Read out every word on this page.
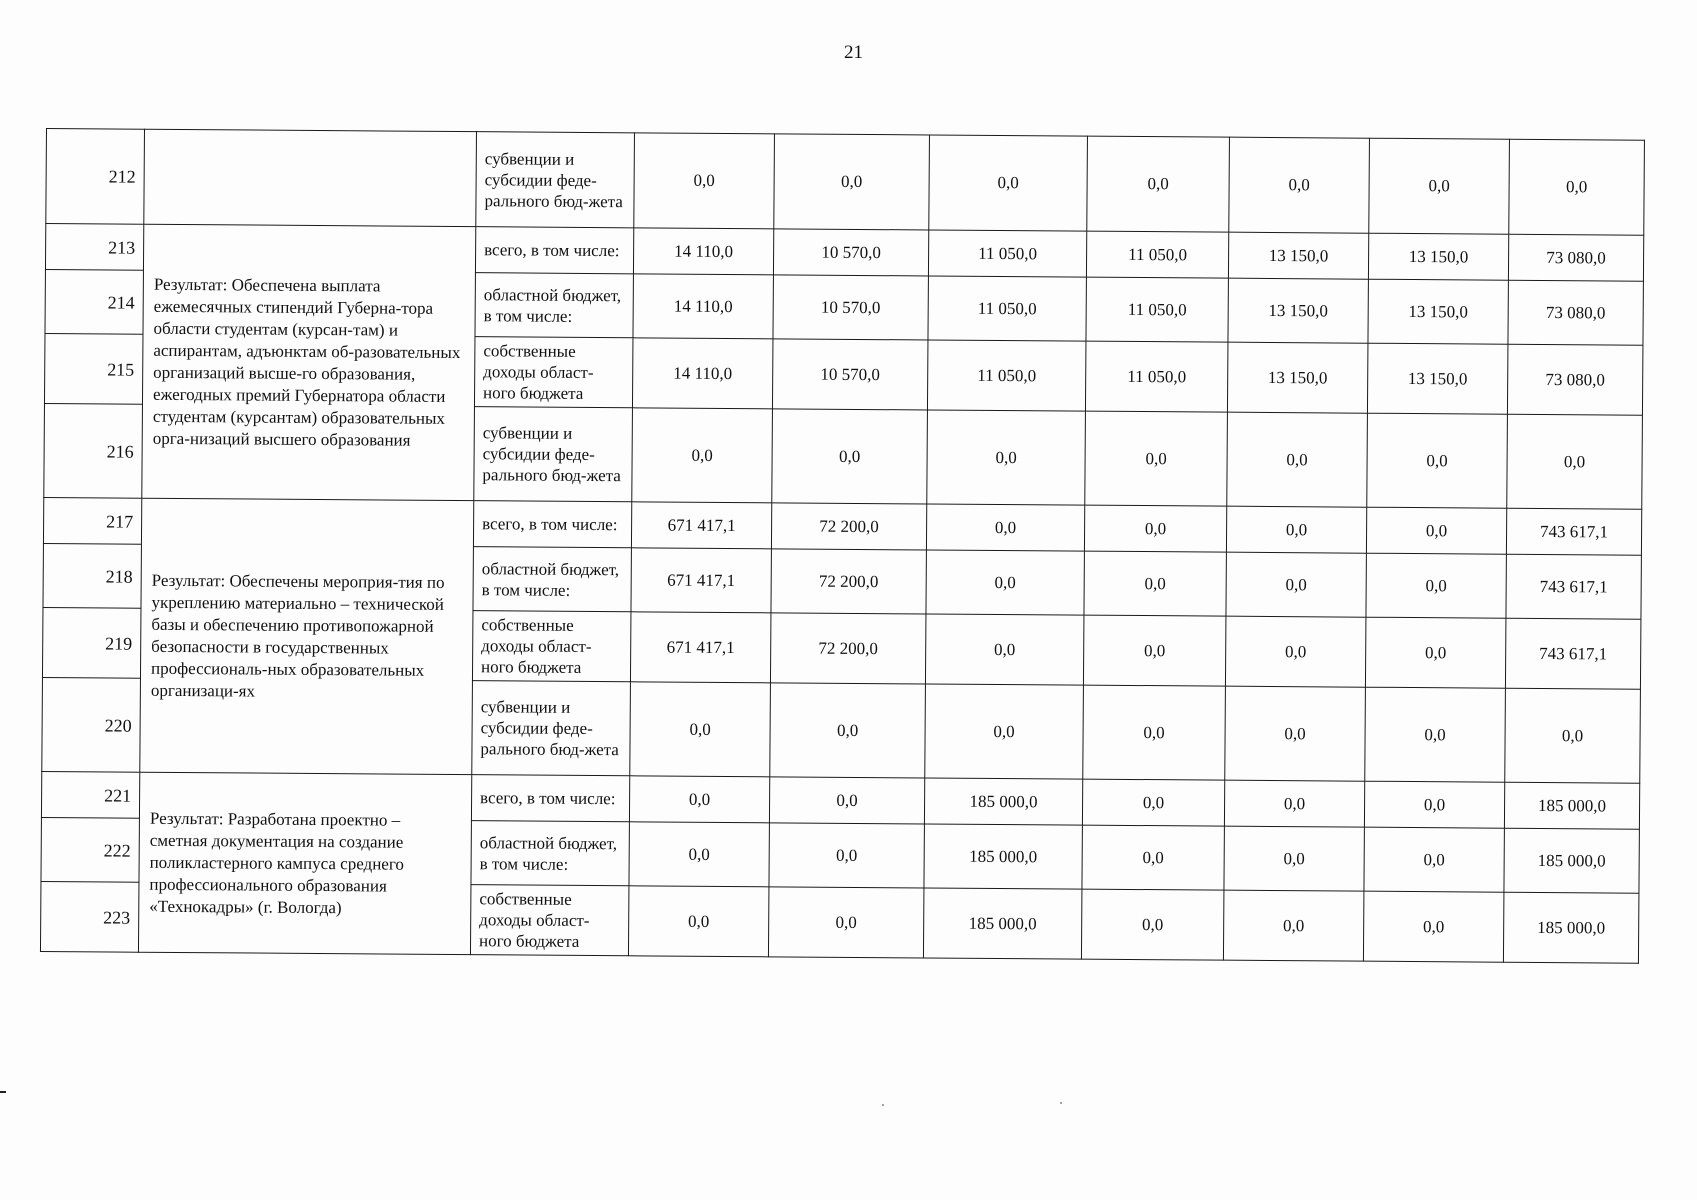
21
212		субвенции и субсидии феде-рального бюд-жета	0,0	0,0	0,0	0,0	0,0	0,0	0,0
213	Результат: Обеспечена выплата ежемесячных стипендий Губерна-тора области студентам (курсан-там) и аспирантам, адъюнктам об-разовательных организаций высше-го образования, ежегодных премий Губернатора области студентам (курсантам) образовательных орга-низаций высшего образования	всего, в том числе:	14 110,0	10 570,0	11 050,0	11 050,0	13 150,0	13 150,0	73 080,0
214		областной бюджет, в том числе:	14 110,0	10 570,0	11 050,0	11 050,0	13 150,0	13 150,0	73 080,0
215		собственные доходы област-ного бюджета	14 110,0	10 570,0	11 050,0	11 050,0	13 150,0	13 150,0	73 080,0
216		субвенции и субсидии феде-рального бюд-жета	0,0	0,0	0,0	0,0	0,0	0,0	0,0
217	Результат: Обеспечены мероприя-тия по укреплению материально – технической базы и обеспечению противопожарной безопасности в государственных профессиональ-ных образовательных организаци-ях	всего, в том числе:	671 417,1	72 200,0	0,0	0,0	0,0	0,0	743 617,1
218		областной бюджет, в том числе:	671 417,1	72 200,0	0,0	0,0	0,0	0,0	743 617,1
219		собственные доходы област-ного бюджета	671 417,1	72 200,0	0,0	0,0	0,0	0,0	743 617,1
220		субвенции и субсидии феде-рального бюд-жета	0,0	0,0	0,0	0,0	0,0	0,0	0,0
221	Результат: Разработана проектно – сметная документация на создание поликластерного кампуса среднего профессионального образования «Технокадры» (г. Вологда)	всего, в том числе:	0,0	0,0	185 000,0	0,0	0,0	0,0	185 000,0
222		областной бюджет, в том числе:	0,0	0,0	185 000,0	0,0	0,0	0,0	185 000,0
223		собственные доходы област-ного бюджета	0,0	0,0	185 000,0	0,0	0,0	0,0	185 000,0
